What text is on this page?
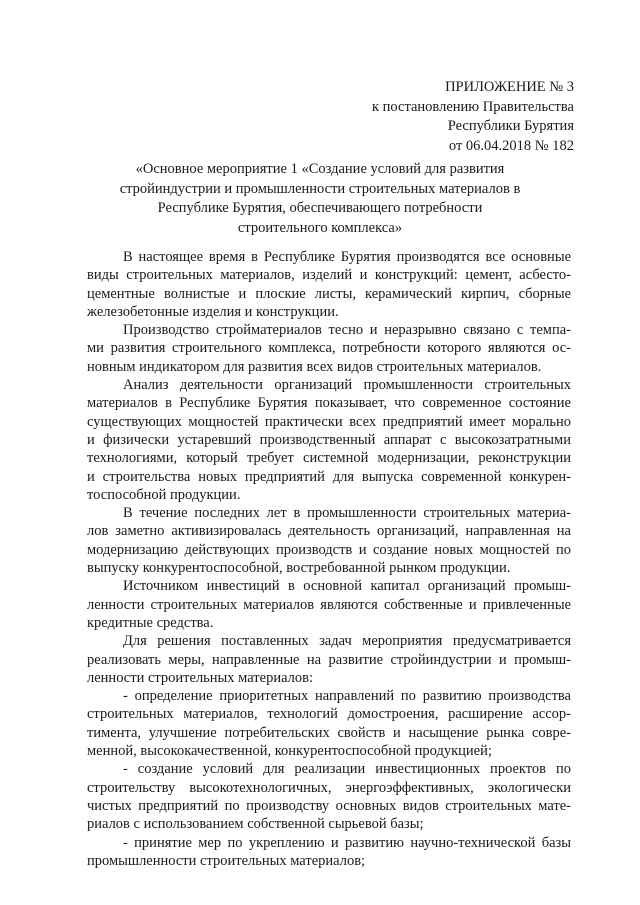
ПРИЛОЖЕНИЕ № 3
к постановлению Правительства
Республики Бурятия
от 06.04.2018 № 182
«Основное мероприятие 1 «Создание условий для развития
стройиндустрии и промышленности строительных материалов в
Республике Бурятия, обеспечивающего потребности
строительного комплекса»
В настоящее время в Республике Бурятия производятся все основные
виды строительных материалов, изделий и конструкций: цемент, асбесто-
цементные волнистые и плоские листы, керамический кирпич, сборные
железобетонные изделия и конструкции.
Производство стройматериалов тесно и неразрывно связано с темпа-
ми развития строительного комплекса, потребности которого являются ос-
новным индикатором для развития всех видов строительных материалов.
Анализ деятельности организаций промышленности строительных
материалов в Республике Бурятия показывает, что современное состояние
существующих мощностей практически всех предприятий имеет морально
и физически устаревший производственный аппарат с высокозатратными
технологиями, который требует системной модернизации, реконструкции
и строительства новых предприятий для выпуска современной конкурен-
тоспособной продукции.
В течение последних лет в промышленности строительных материа-
лов заметно активизировалась деятельность организаций, направленная на
модернизацию действующих производств и создание новых мощностей по
выпуску конкурентоспособной, востребованной рынком продукции.
Источником инвестиций в основной капитал организаций промыш-
ленности строительных материалов являются собственные и привлеченные
кредитные средства.
Для решения поставленных задач мероприятия предусматривается
реализовать меры, направленные на развитие стройиндустрии и промыш-
ленности строительных материалов:
- определение приоритетных направлений по развитию производства
строительных материалов, технологий домостроения, расширение ассор-
тимента, улучшение потребительских свойств и насыщение рынка совре-
менной, высококачественной, конкурентоспособной продукцией;
- создание условий для реализации инвестиционных проектов по
строительству высокотехнологичных, энергоэффективных, экологически
чистых предприятий по производству основных видов строительных мате-
риалов с использованием собственной сырьевой базы;
- принятие мер по укреплению и развитию научно-технической базы
промышленности строительных материалов;
